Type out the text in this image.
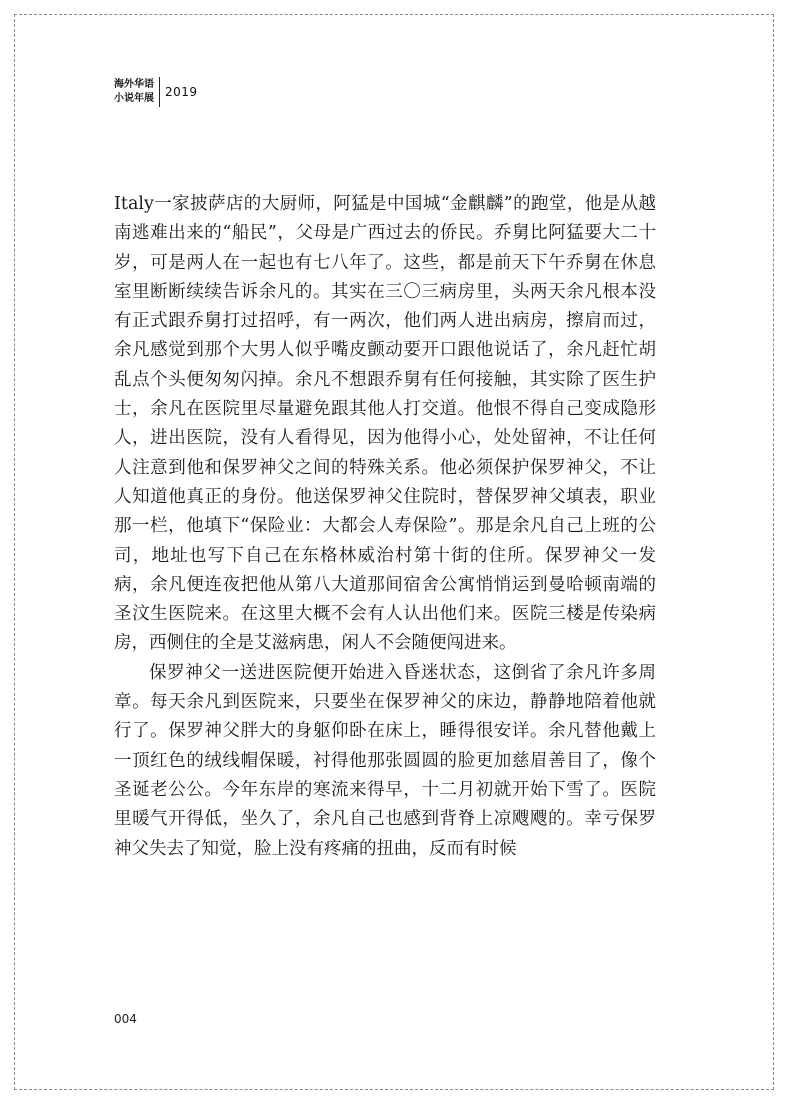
海外华语
小说年展 2019

Italy一家披萨店的大厨师，阿猛是中国城“金麒麟”的跑堂，他是从越南逃难出来的“船民”，父母是广西过去的侨民。乔舅比阿猛要大二十岁，可是两人在一起也有七八年了。这些，都是前天下午乔舅在休息室里断断续续告诉余凡的。其实在三〇三病房里，头两天余凡根本没有正式跟乔舅打过招呼，有一两次，他们两人进出病房，擦肩而过，余凡感觉到那个大男人似乎嘴皮颤动要开口跟他说话了，余凡赶忙胡乱点个头便匆匆闪掉。余凡不想跟乔舅有任何接触，其实除了医生护士，余凡在医院里尽量避免跟其他人打交道。他恨不得自己变成隐形人，进出医院，没有人看得见，因为他得小心，处处留神，不让任何人注意到他和保罗神父之间的特殊关系。他必须保护保罗神父，不让人知道他真正的身份。他送保罗神父住院时，替保罗神父填表，职业那一栏，他填下“保险业：大都会人寿保险”。那是余凡自己上班的公司，地址也写下自己在东格林威治村第十街的住所。保罗神父一发病，余凡便连夜把他从第八大道那间宿舍公寓悄悄运到曼哈顿南端的圣汶生医院来。在这里大概不会有人认出他们来。医院三楼是传染病房，西侧住的全是艾滋病患，闲人不会随便闯进来。

保罗神父一送进医院便开始进入昏迷状态，这倒省了余凡许多周章。每天余凡到医院来，只要坐在保罗神父的床边，静静地陪着他就行了。保罗神父胖大的身躯仰卧在床上，睡得很安详。余凡替他戴上一顶红色的绒线帽保暖，衬得他那张圆圆的脸更加慈眉善目了，像个圣诞老公公。今年东岸的寒流来得早，十二月初就开始下雪了。医院里暖气开得低，坐久了，余凡自己也感到背脊上凉飕飕的。幸亏保罗神父失去了知觉，脸上没有疼痛的扭曲，反而有时候

004
